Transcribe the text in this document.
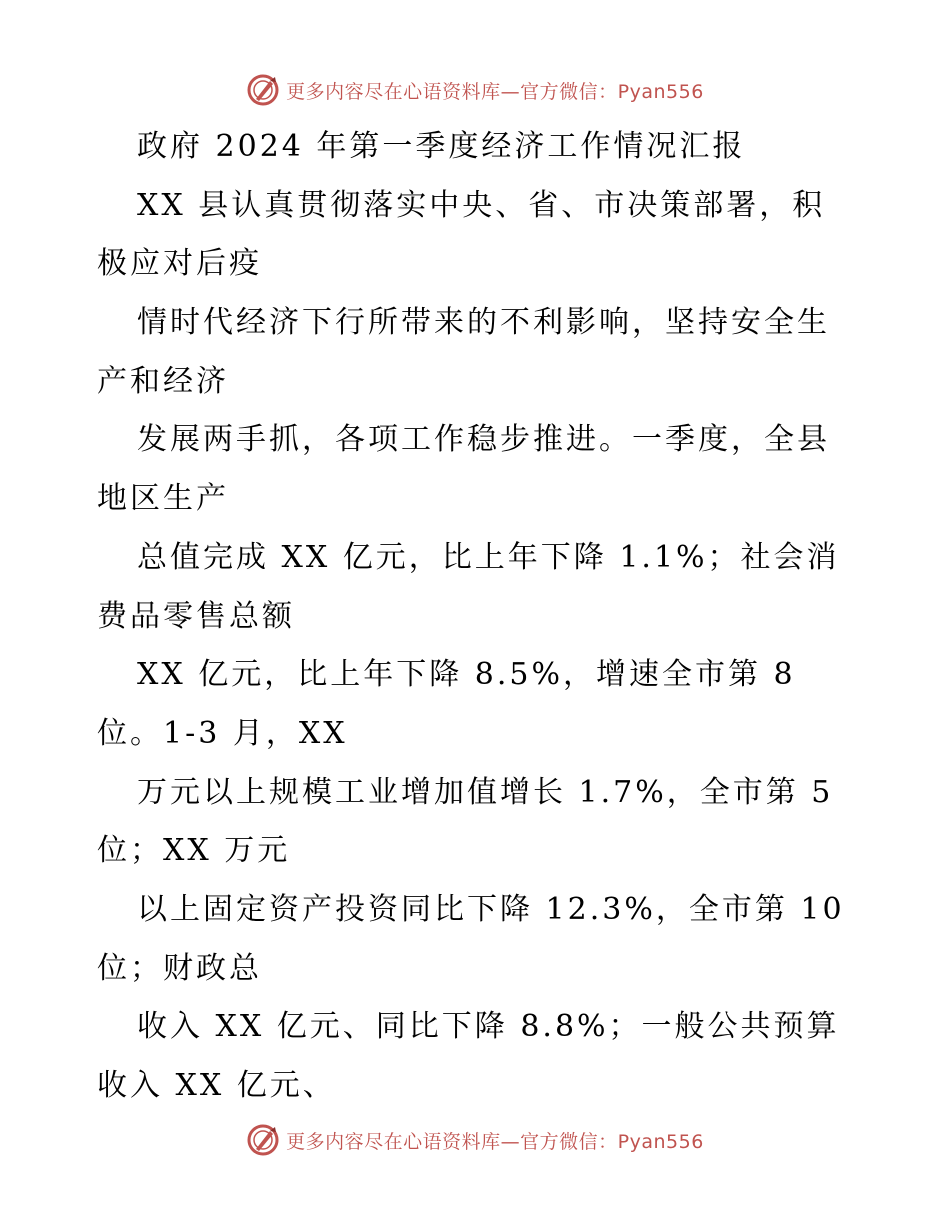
更多内容尽在心语资料库—官方微信：Pyan556
政府 2024 年第一季度经济工作情况汇报
XX 县认真贯彻落实中央、省、市决策部署，积
极应对后疫
情时代经济下行所带来的不利影响，坚持安全生
产和经济
发展两手抓，各项工作稳步推进。一季度，全县
地区生产
总值完成 XX 亿元，比上年下降 1.1%；社会消
费品零售总额
XX 亿元，比上年下降 8.5%，增速全市第 8
位。1-3 月，XX
万元以上规模工业增加值增长 1.7%，全市第 5
位；XX 万元
以上固定资产投资同比下降 12.3%，全市第 10
位；财政总
收入 XX 亿元、同比下降 8.8%；一般公共预算
收入 XX 亿元、
更多内容尽在心语资料库—官方微信：Pyan556
